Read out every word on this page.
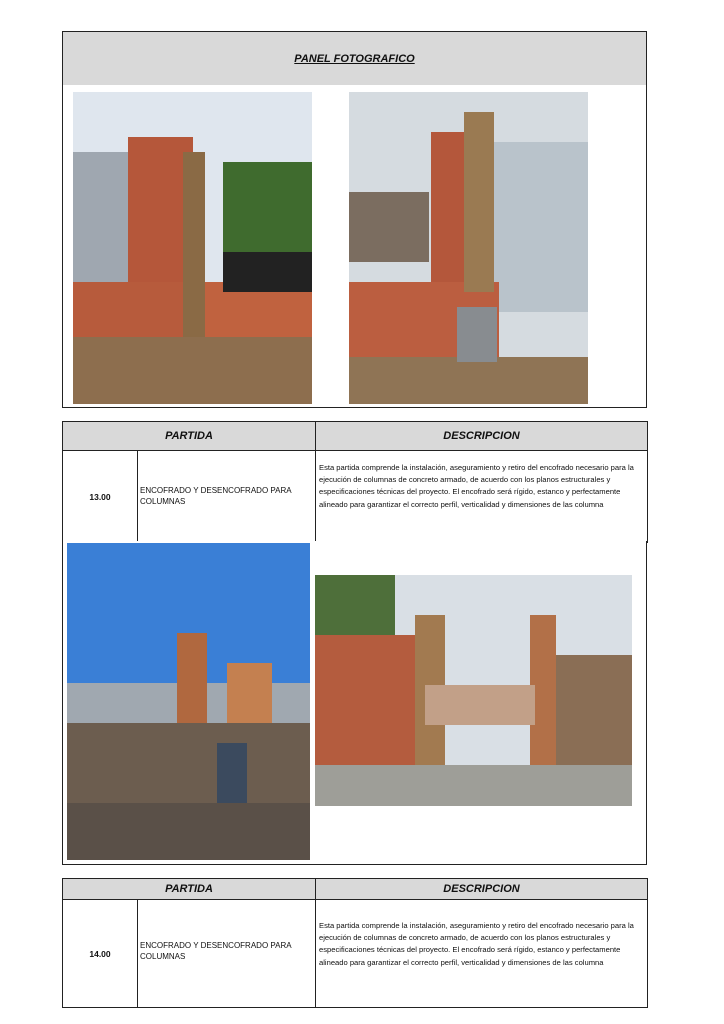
PANEL FOTOGRAFICO
PARTIDA		DESCRIPCION
13.00	ENCOFRADO Y DESENCOFRADO PARA COLUMNAS	Esta partida comprende la instalación, aseguramiento y retiro del encofrado necesario para la ejecución de columnas de concreto armado, de acuerdo con los planos estructurales y especificaciones técnicas del proyecto. El encofrado será rígido, estanco y perfectamente alineado para garantizar el correcto perfil, verticalidad y dimensiones de las columna
PARTIDA		DESCRIPCION
14.00	ENCOFRADO Y DESENCOFRADO PARA COLUMNAS	Esta partida comprende la instalación, aseguramiento y retiro del encofrado necesario para la ejecución de columnas de concreto armado, de acuerdo con los planos estructurales y especificaciones técnicas del proyecto. El encofrado será rígido, estanco y perfectamente alineado para garantizar el correcto perfil, verticalidad y dimensiones de las columna
